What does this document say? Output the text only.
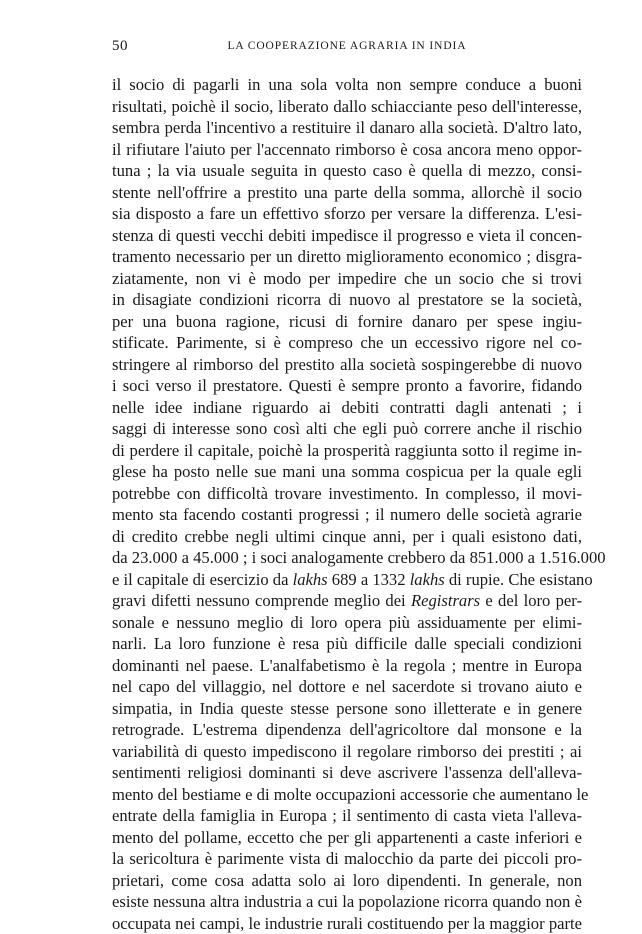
50	LA COOPERAZIONE AGRARIA IN INDIA
il socio di pagarli in una sola volta non sempre conduce a buoni
risultati, poichè il socio, liberato dallo schiacciante peso dell'interesse,
sembra perda l'incentivo a restituire il danaro alla società. D'altro lato,
il rifiutare l'aiuto per l'accennato rimborso è cosa ancora meno oppor-
tuna ; la via usuale seguita in questo caso è quella di mezzo, consi-
stente nell'offrire a prestito una parte della somma, allorchè il socio
sia disposto a fare un effettivo sforzo per versare la differenza. L'esi-
stenza di questi vecchi debiti impedisce il progresso e vieta il concen-
tramento necessario per un diretto miglioramento economico ; disgra-
ziatamente, non vi è modo per impedire che un socio che si trovi
in disagiate condizioni ricorra di nuovo al prestatore se la società,
per una buona ragione, ricusi di fornire danaro per spese ingiu-
stificate. Parimente, si è compreso che un eccessivo rigore nel co-
stringere al rimborso del prestito alla società sospingerebbe di nuovo
i soci verso il prestatore. Questi è sempre pronto a favorire, fidando
nelle idee indiane riguardo ai debiti contratti dagli antenati ; i
saggi di interesse sono così alti che egli può correre anche il rischio
di perdere il capitale, poichè la prosperità raggiunta sotto il regime in-
glese ha posto nelle sue mani una somma cospicua per la quale egli
potrebbe con difficoltà trovare investimento. In complesso, il movi-
mento sta facendo costanti progressi ; il numero delle società agrarie
di credito crebbe negli ultimi cinque anni, per i quali esistono dati,
da 23.000 a 45.000 ; i soci analogamente crebbero da 851.000 a 1.516.000
e il capitale di esercizio da lakhs 689 a 1332 lakhs di rupie. Che esistano
gravi difetti nessuno comprende meglio dei Registrars e del loro per-
sonale e nessuno meglio di loro opera più assiduamente per elimi-
narli. La loro funzione è resa più difficile dalle speciali condizioni
dominanti nel paese. L'analfabetismo è la regola ; mentre in Europa
nel capo del villaggio, nel dottore e nel sacerdote si trovano aiuto e
simpatia, in India queste stesse persone sono illetterate e in genere
retrograde. L'estrema dipendenza dell'agricoltore dal monsone e la
variabilità di questo impediscono il regolare rimborso dei prestiti ; ai
sentimenti religiosi dominanti si deve ascrivere l'assenza dell'alleva-
mento del bestiame e di molte occupazioni accessorie che aumentano le
entrate della famiglia in Europa ; il sentimento di casta vieta l'alleva-
mento del pollame, eccetto che per gli appartenenti a caste inferiori e
la sericoltura è parimente vista di malocchio da parte dei piccoli pro-
prietari, come cosa adatta solo ai loro dipendenti. In generale, non
esiste nessuna altra industria a cui la popolazione ricorra quando non è
occupata nei campi, le industrie rurali costituendo per la maggior parte
